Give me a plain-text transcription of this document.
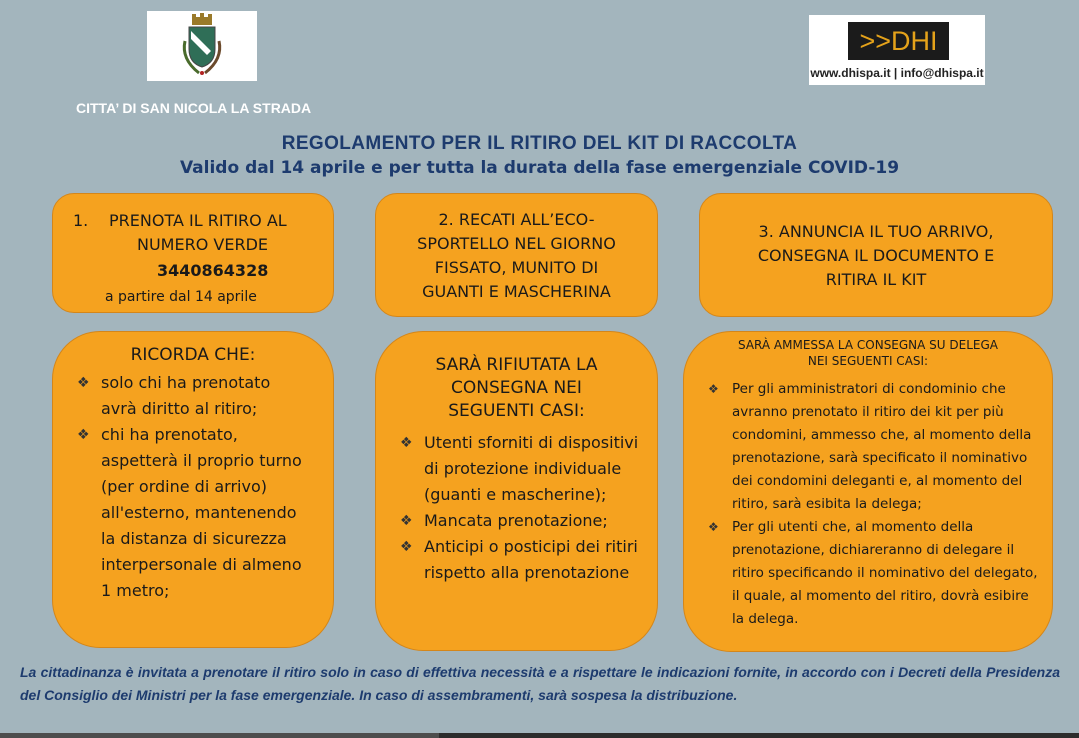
>>DHI
www.dhispa.it | info@dhispa.it
CITTA’ DI SAN NICOLA LA STRADA
REGOLAMENTO PER IL RITIRO DEL KIT DI RACCOLTA
Valido dal 14 aprile e per tutta la durata della fase emergenziale COVID-19
1. PRENOTA IL RITIRO AL
NUMERO VERDE
3440864328
a partire dal 14 aprile
2. RECATI ALL’ECO-
SPORTELLO NEL GIORNO
FISSATO, MUNITO DI
GUANTI E MASCHERINA
3. ANNUNCIA IL TUO ARRIVO,
CONSEGNA IL DOCUMENTO E
RITIRA IL KIT
RICORDA CHE:
❖ solo chi ha prenotato avrà diritto al ritiro;
❖ chi ha prenotato, aspetterà il proprio turno (per ordine di arrivo) all'esterno, mantenendo la distanza di sicurezza interpersonale di almeno 1 metro;
SARÀ RIFIUTATA LA
CONSEGNA NEI
SEGUENTI CASI:
❖ Utenti sforniti di dispositivi di protezione individuale (guanti e mascherine);
❖ Mancata prenotazione;
❖ Anticipi o posticipi dei ritiri rispetto alla prenotazione
SARÀ AMMESSA LA CONSEGNA SU DELEGA
NEI SEGUENTI CASI:
❖ Per gli amministratori di condominio che avranno prenotato il ritiro dei kit per più condomini, ammesso che, al momento della prenotazione, sarà specificato il nominativo dei condomini deleganti e, al momento del ritiro, sarà esibita la delega;
❖ Per gli utenti che, al momento della prenotazione, dichiareranno di delegare il ritiro specificando il nominativo del delegato, il quale, al momento del ritiro, dovrà esibire la delega.
La cittadinanza è invitata a prenotare il ritiro solo in caso di effettiva necessità e a rispettare le indicazioni fornite, in accordo con i Decreti della Presidenza del Consiglio dei Ministri per la fase emergenziale. In caso di assembramenti, sarà sospesa la distribuzione.
